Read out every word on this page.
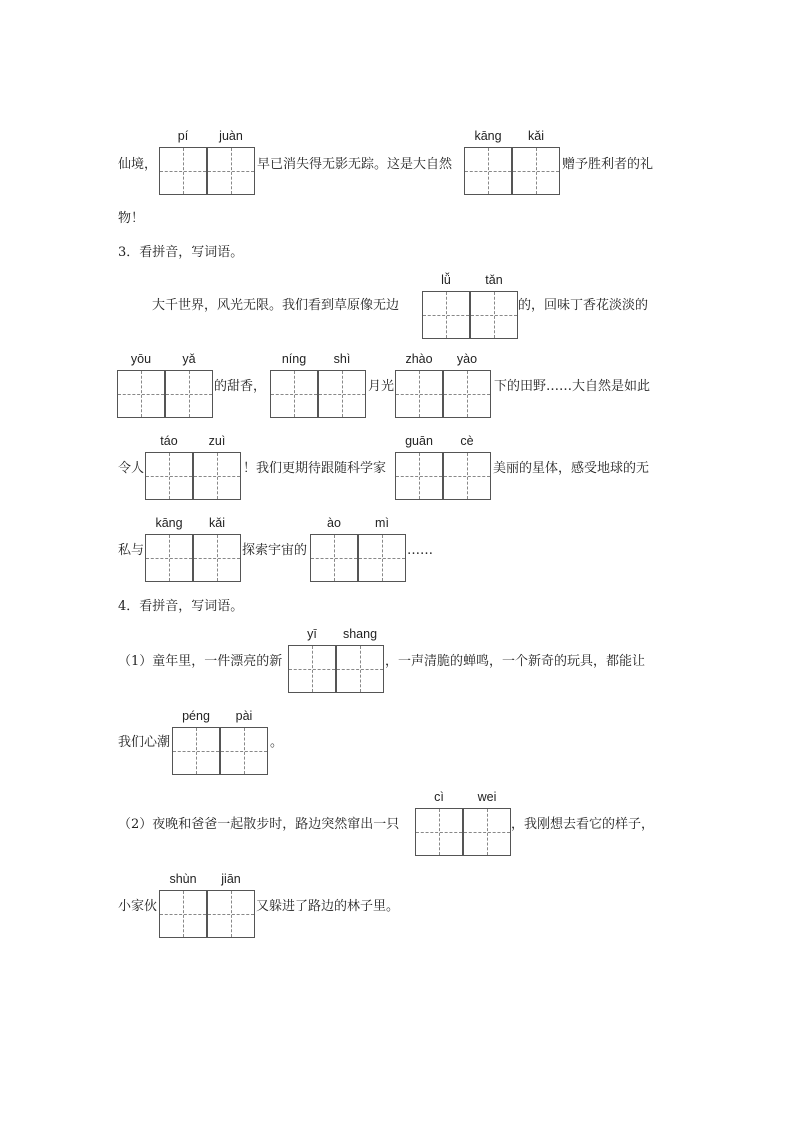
仙境，	早已消失得无影无踪。这是大自然	赠予胜利者的礼
物！
3．看拼音，写词语。
大千世界，风光无限。我们看到草原像无边	的，回味丁香花淡淡的
的甜香，	月光	下的田野……大自然是如此
令人	！我们更期待跟随科学家	美丽的星体，感受地球的无
私与	探索宇宙的	……
4．看拼音，写词语。
（1）童年里，一件漂亮的新	，一声清脆的蝉鸣，一个新奇的玩具，都能让
我们心潮	。
（2）夜晚和爸爸一起散步时，路边突然窜出一只	，我刚想去看它的样子，
小家伙	又躲进了路边的林子里。
pí	juàn	kāng	kǎi
lǚ	tǎn
yōu	yǎ	níng	shì	zhào	yào
táo	zuì	guān	cè
kāng	kǎi	ào	mì
yī	shang
péng	pài
cì	wei
shùn	jiān
